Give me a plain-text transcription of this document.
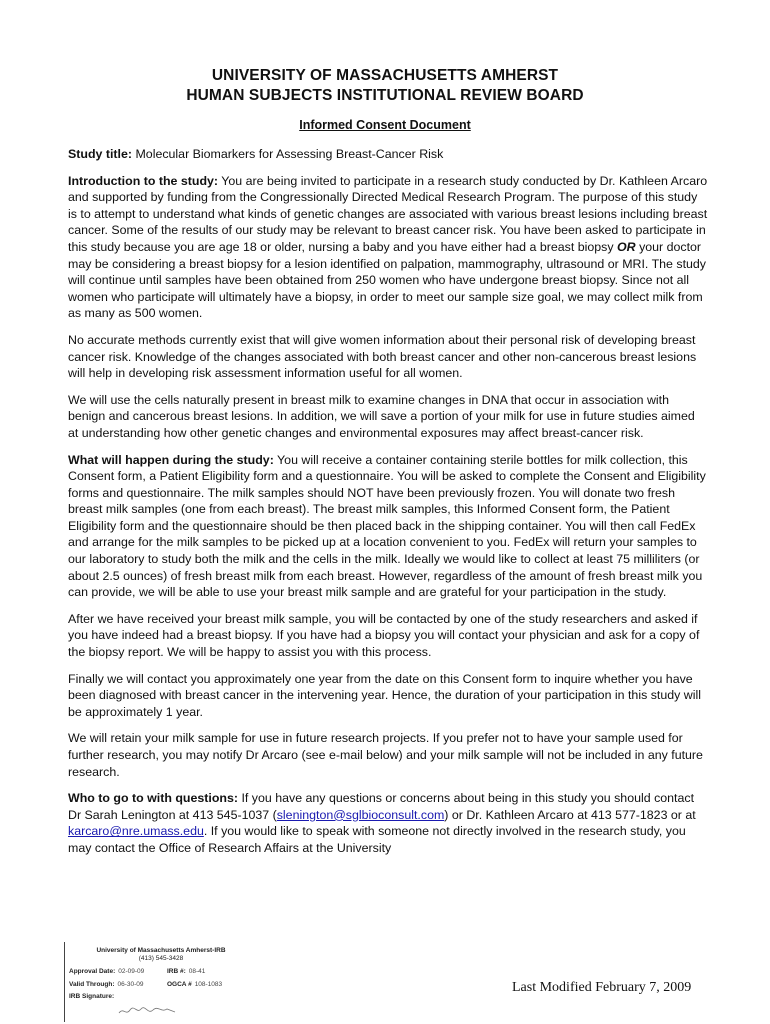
UNIVERSITY OF MASSACHUSETTS AMHERST
HUMAN SUBJECTS INSTITUTIONAL REVIEW BOARD
Informed Consent Document

Study title: Molecular Biomarkers for Assessing Breast-Cancer Risk

Introduction to the study: You are being invited to participate in a research study conducted by Dr. Kathleen Arcaro and supported by funding from the Congressionally Directed Medical Research Program. The purpose of this study is to attempt to understand what kinds of genetic changes are associated with various breast lesions including breast cancer. Some of the results of our study may be relevant to breast cancer risk. You have been asked to participate in this study because you are age 18 or older, nursing a baby and you have either had a breast biopsy OR your doctor may be considering a breast biopsy for a lesion identified on palpation, mammography, ultrasound or MRI. The study will continue until samples have been obtained from 250 women who have undergone breast biopsy. Since not all women who participate will ultimately have a biopsy, in order to meet our sample size goal, we may collect milk from as many as 500 women.

No accurate methods currently exist that will give women information about their personal risk of developing breast cancer risk. Knowledge of the changes associated with both breast cancer and other non-cancerous breast lesions will help in developing risk assessment information useful for all women.

We will use the cells naturally present in breast milk to examine changes in DNA that occur in association with benign and cancerous breast lesions. In addition, we will save a portion of your milk for use in future studies aimed at understanding how other genetic changes and environmental exposures may affect breast-cancer risk.

What will happen during the study: You will receive a container containing sterile bottles for milk collection, this Consent form, a Patient Eligibility form and a questionnaire. You will be asked to complete the Consent and Eligibility forms and questionnaire. The milk samples should NOT have been previously frozen. You will donate two fresh breast milk samples (one from each breast). The breast milk samples, this Informed Consent form, the Patient Eligibility form and the questionnaire should be then placed back in the shipping container. You will then call FedEx and arrange for the milk samples to be picked up at a location convenient to you. FedEx will return your samples to our laboratory to study both the milk and the cells in the milk. Ideally we would like to collect at least 75 milliliters (or about 2.5 ounces) of fresh breast milk from each breast. However, regardless of the amount of fresh breast milk you can provide, we will be able to use your breast milk sample and are grateful for your participation in the study.

After we have received your breast milk sample, you will be contacted by one of the study researchers and asked if you have indeed had a breast biopsy. If you have had a biopsy you will contact your physician and ask for a copy of the biopsy report. We will be happy to assist you with this process.

Finally we will contact you approximately one year from the date on this Consent form to inquire whether you have been diagnosed with breast cancer in the intervening year. Hence, the duration of your participation in this study will be approximately 1 year.

We will retain your milk sample for use in future research projects. If you prefer not to have your sample used for further research, you may notify Dr Arcaro (see e-mail below) and your milk sample will not be included in any future research.

Who to go to with questions: If you have any questions or concerns about being in this study you should contact Dr Sarah Lenington at 413 545-1037 (slenington@sglbioconsult.com) or Dr. Kathleen Arcaro at 413 577-1823 or at karcaro@nre.umass.edu. If you would like to speak with someone not directly involved in the research study, you may contact the Office of Research Affairs at the University

University of Massachusetts Amherst-IRB
(413) 545-3428
Approval Date: 02-09-09	IRB #: 08-41
Valid Through: 06-30-09	OGCA # 108-1083
IRB Signature:
Last Modified February 7, 2009
